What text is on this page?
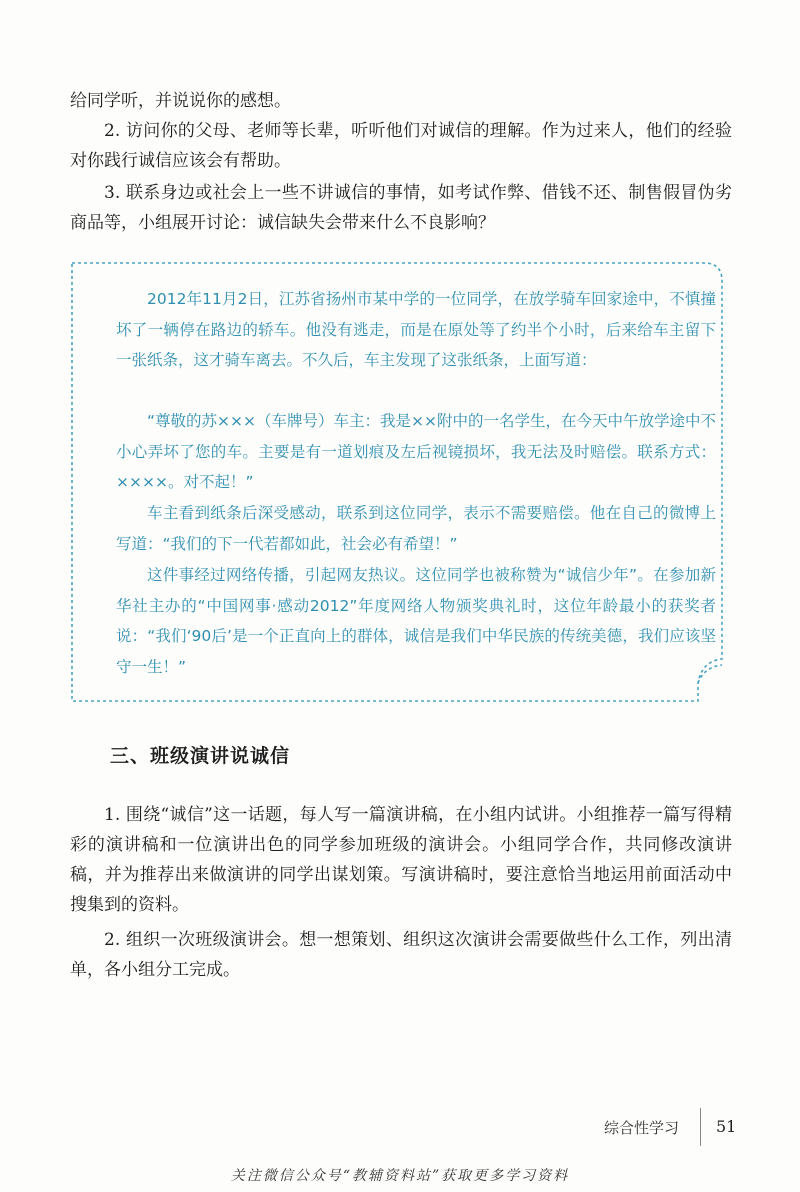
给同学听，并说说你的感想。

2. 访问你的父母、老师等长辈，听听他们对诚信的理解。作为过来人，他们的经验对你践行诚信应该会有帮助。

3. 联系身边或社会上一些不讲诚信的事情，如考试作弊、借钱不还、制售假冒伪劣商品等，小组展开讨论：诚信缺失会带来什么不良影响？

2012年11月2日，江苏省扬州市某中学的一位同学，在放学骑车回家途中，不慎撞坏了一辆停在路边的轿车。他没有逃走，而是在原处等了约半个小时，后来给车主留下一张纸条，这才骑车离去。不久后，车主发现了这张纸条，上面写道：

“尊敬的苏×××（车牌号）车主：我是××附中的一名学生，在今天中午放学途中不小心弄坏了您的车。主要是有一道划痕及左后视镜损坏，我无法及时赔偿。联系方式：××××。对不起！”

车主看到纸条后深受感动，联系到这位同学，表示不需要赔偿。他在自己的微博上写道：“我们的下一代若都如此，社会必有希望！”

这件事经过网络传播，引起网友热议。这位同学也被称赞为“诚信少年”。在参加新华社主办的“中国网事·感动2012”年度网络人物颁奖典礼时，这位年龄最小的获奖者说：“我们‘90后’是一个正直向上的群体，诚信是我们中华民族的传统美德，我们应该坚守一生！”

三、班级演讲说诚信

1. 围绕“诚信”这一话题，每人写一篇演讲稿，在小组内试讲。小组推荐一篇写得精彩的演讲稿和一位演讲出色的同学参加班级的演讲会。小组同学合作，共同修改演讲稿，并为推荐出来做演讲的同学出谋划策。写演讲稿时，要注意恰当地运用前面活动中搜集到的资料。

2. 组织一次班级演讲会。想一想策划、组织这次演讲会需要做些什么工作，列出清单，各小组分工完成。

综合性学习 51
关注微信公众号“教辅资料站”获取更多学习资料
